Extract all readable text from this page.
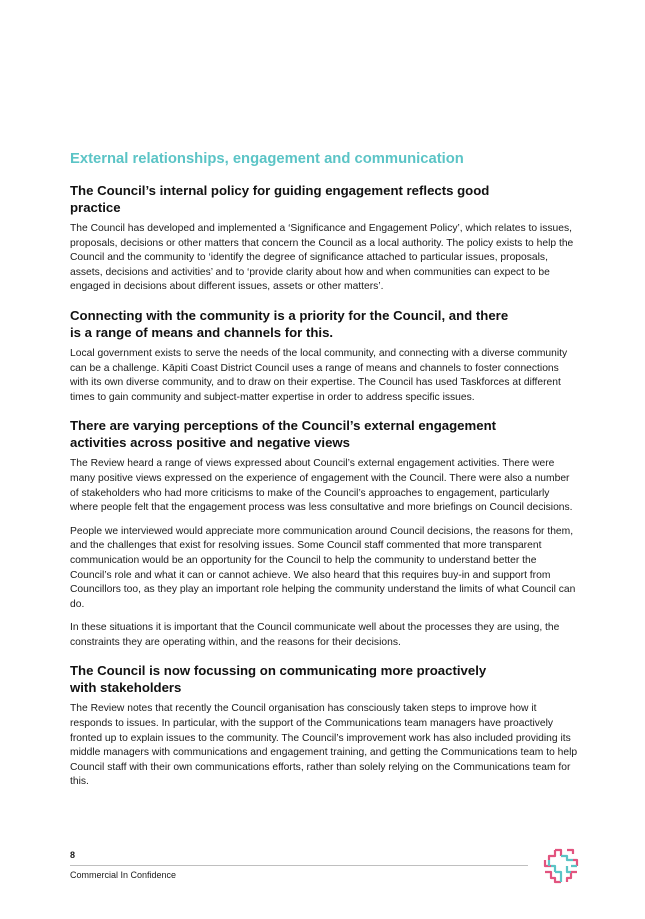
External relationships, engagement and communication
The Council’s internal policy for guiding engagement reflects good practice

The Council has developed and implemented a ‘Significance and Engagement Policy’, which relates to issues, proposals, decisions or other matters that concern the Council as a local authority. The policy exists to help the Council and the community to ‘identify the degree of significance attached to particular issues, proposals, assets, decisions and activities’ and to ‘provide clarity about how and when communities can expect to be engaged in decisions about different issues, assets or other matters’.

Connecting with the community is a priority for the Council, and there is a range of means and channels for this.

Local government exists to serve the needs of the local community, and connecting with a diverse community can be a challenge. Kāpiti Coast District Council uses a range of means and channels to foster connections with its own diverse community, and to draw on their expertise. The Council has used Taskforces at different times to gain community and subject-matter expertise in order to address specific issues.

There are varying perceptions of the Council’s external engagement activities across positive and negative views

The Review heard a range of views expressed about Council’s external engagement activities. There were many positive views expressed on the experience of engagement with the Council. There were also a number of stakeholders who had more criticisms to make of the Council’s approaches to engagement, particularly where people felt that the engagement process was less consultative and more briefings on Council decisions.

People we interviewed would appreciate more communication around Council decisions, the reasons for them, and the challenges that exist for resolving issues. Some Council staff commented that more transparent communication would be an opportunity for the Council to help the community to understand better the Council’s role and what it can or cannot achieve. We also heard that this requires buy-in and support from Councillors too, as they play an important role helping the community understand the limits of what Council can do.

In these situations it is important that the Council communicate well about the processes they are using, the constraints they are operating within, and the reasons for their decisions.

The Council is now focussing on communicating more proactively with stakeholders

The Review notes that recently the Council organisation has consciously taken steps to improve how it responds to issues. In particular, with the support of the Communications team managers have proactively fronted up to explain issues to the community. The Council’s improvement work has also included providing its middle managers with communications and engagement training, and getting the Communications team to help Council staff with their own communications efforts, rather than solely relying on the Communications team for this.

8
Commercial In Confidence
